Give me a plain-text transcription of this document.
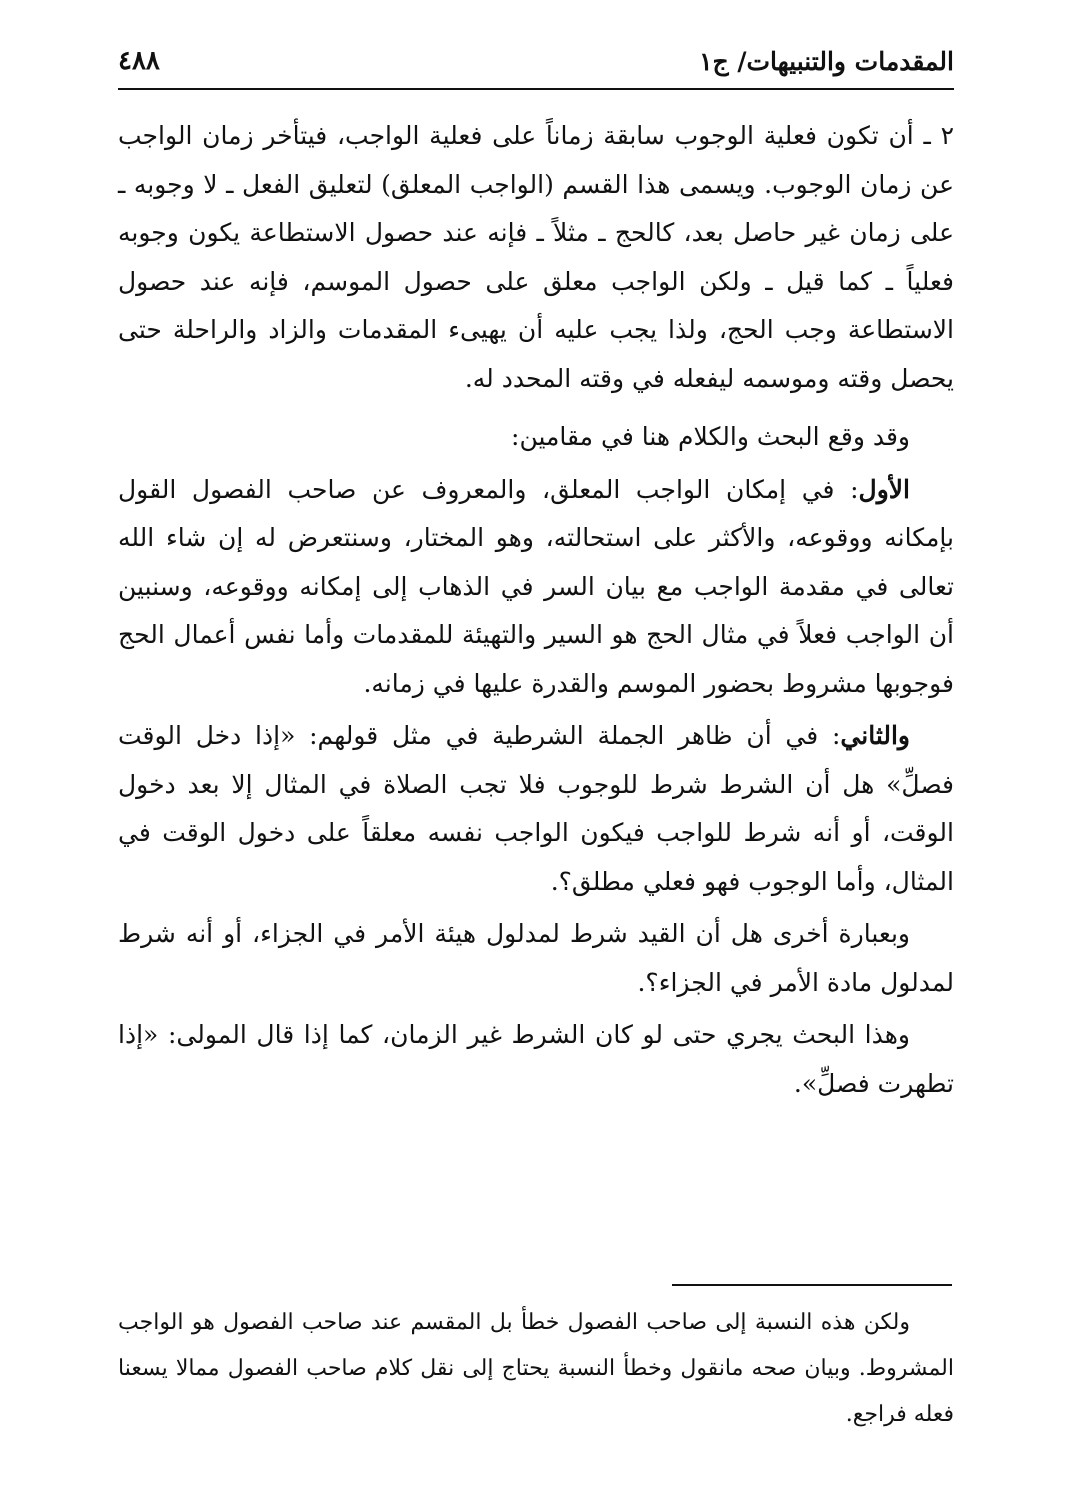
المقدمات والتنبيهات/ ج١
٤٨٨

٢ ـ أن تكون فعلية الوجوب سابقة زماناً على فعلية الواجب، فيتأخر زمان الواجب عن زمان الوجوب. ويسمى هذا القسم (الواجب المعلق) لتعليق الفعل ـ لا وجوبه ـ على زمان غير حاصل بعد، كالحج ـ مثلاً ـ فإنه عند حصول الاستطاعة يكون وجوبه فعلياً ـ كما قيل ـ ولكن الواجب معلق على حصول الموسم، فإنه عند حصول الاستطاعة وجب الحج، ولذا يجب عليه أن يهيىء المقدمات والزاد والراحلة حتى يحصل وقته وموسمه ليفعله في وقته المحدد له.

وقد وقع البحث والكلام هنا في مقامين:

الأول: في إمكان الواجب المعلق، والمعروف عن صاحب الفصول القول بإمكانه ووقوعه، والأكثر على استحالته، وهو المختار، وسنتعرض له إن شاء الله تعالى في مقدمة الواجب مع بيان السر في الذهاب إلى إمكانه ووقوعه، وسنبين أن الواجب فعلاً في مثال الحج هو السير والتهيئة للمقدمات وأما نفس أعمال الحج فوجوبها مشروط بحضور الموسم والقدرة عليها في زمانه.

والثاني: في أن ظاهر الجملة الشرطية في مثل قولهم: «إذا دخل الوقت فصلِّ» هل أن الشرط شرط للوجوب فلا تجب الصلاة في المثال إلا بعد دخول الوقت، أو أنه شرط للواجب فيكون الواجب نفسه معلقاً على دخول الوقت في المثال، وأما الوجوب فهو فعلي مطلق؟.

وبعبارة أخرى هل أن القيد شرط لمدلول هيئة الأمر في الجزاء، أو أنه شرط لمدلول مادة الأمر في الجزاء؟.

وهذا البحث يجري حتى لو كان الشرط غير الزمان، كما إذا قال المولى: «إذا تطهرت فصلِّ».

ولكن هذه النسبة إلى صاحب الفصول خطأ بل المقسم عند صاحب الفصول هو الواجب المشروط. وبيان صحه مانقول وخطأ النسبة يحتاج إلى نقل كلام صاحب الفصول ممالا يسعنا فعله فراجع.
